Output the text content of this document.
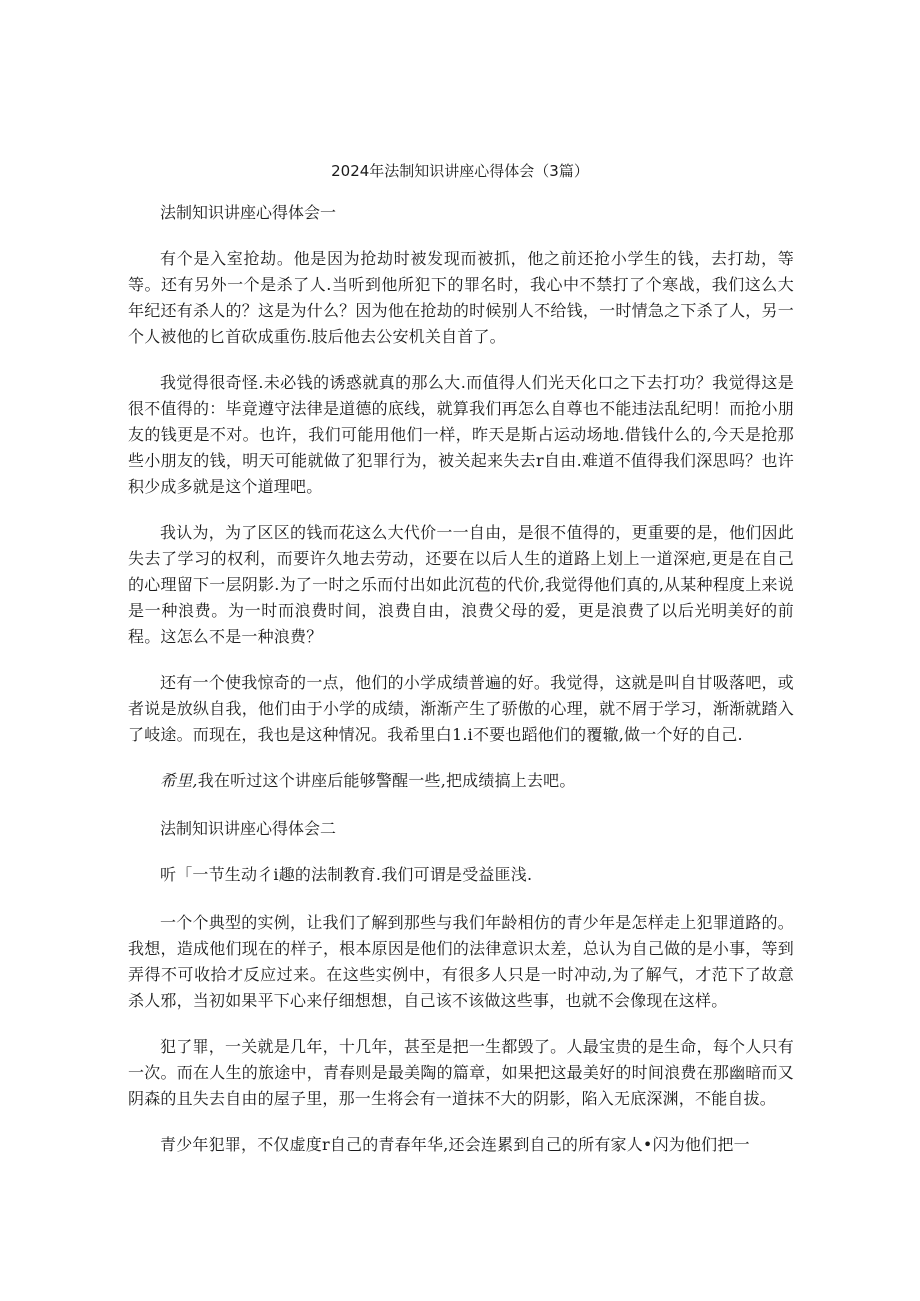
2024年法制知识讲座心得体会（3篇）

法制知识讲座心得体会一

有个是入室抢劫。他是因为抢劫时被发现而被抓，他之前还抢小学生的钱，去打劫，等等。还有另外一个是杀了人.当听到他所犯下的罪名时，我心中不禁打了个寒战，我们这么大年纪还有杀人的？这是为什么？因为他在抢劫的时候别人不给钱，一时情急之下杀了人，另一个人被他的匕首砍成重伤.肢后他去公安机关自首了。

我觉得很奇怪.未必钱的诱惑就真的那么大.而值得人们光天化口之下去打功？我觉得这是很不值得的：毕竟遵守法律是道德的底线，就算我们再怎么自尊也不能违法乱纪明！而抢小朋友的钱更是不对。也许，我们可能用他们一样，昨天是斯占运动场地.借钱什么的,今天是抢那些小朋友的钱，明天可能就做了犯罪行为，被关起来失去r自由.难道不值得我们深思吗？也许积少成多就是这个道理吧。

我认为，为了区区的钱而花这么大代价一一自由，是很不值得的，更重要的是，他们因此失去了学习的权利，而要许久地去劳动，还要在以后人生的道路上划上一道深疤,更是在自己的心理留下一层阴影.为了一时之乐而付出如此沉苞的代价,我觉得他们真的,从某种程度上来说是一种浪费。为一时而浪费时间，浪费自由，浪费父母的爱，更是浪费了以后光明美好的前程。这怎么不是一种浪费？

还有一个使我惊奇的一点，他们的小学成绩普遍的好。我觉得，这就是叫自甘吸落吧，或者说是放纵自我，他们由于小学的成绩，渐渐产生了骄傲的心理，就不屑于学习，渐渐就踏入了岐途。而现在，我也是这种情况。我希里白1.i不要也蹈他们的覆辙,做一个好的自己.

希里,我在听过这个讲座后能够警醒一些,把成绩搞上去吧。

法制知识讲座心得体会二

听「一节生动彳i趣的法制教育.我们可谓是受益匪浅.

一个个典型的实例，让我们了解到那些与我们年龄相仿的青少年是怎样走上犯罪道路的。我想，造成他们现在的样子，根本原因是他们的法律意识太差，总认为自己做的是小事，等到弄得不可收拾才反应过来。在这些实例中，有很多人只是一时冲动,为了解气，才范下了故意杀人邪，当初如果平下心来仔细想想，自己该不该做这些事，也就不会像现在这样。

犯了罪，一关就是几年，十几年，甚至是把一生都毁了。人最宝贵的是生命，每个人只有一次。而在人生的旅途中，青春则是最美陶的篇章，如果把这最美好的时间浪费在那幽暗而又阴森的且失去自由的屋子里，那一生将会有一道抹不大的阴影，陷入无底深渊，不能自拔。

青少年犯罪，不仅虚度r自己的青春年华,还会连累到自己的所有家人•闪为他们把一
